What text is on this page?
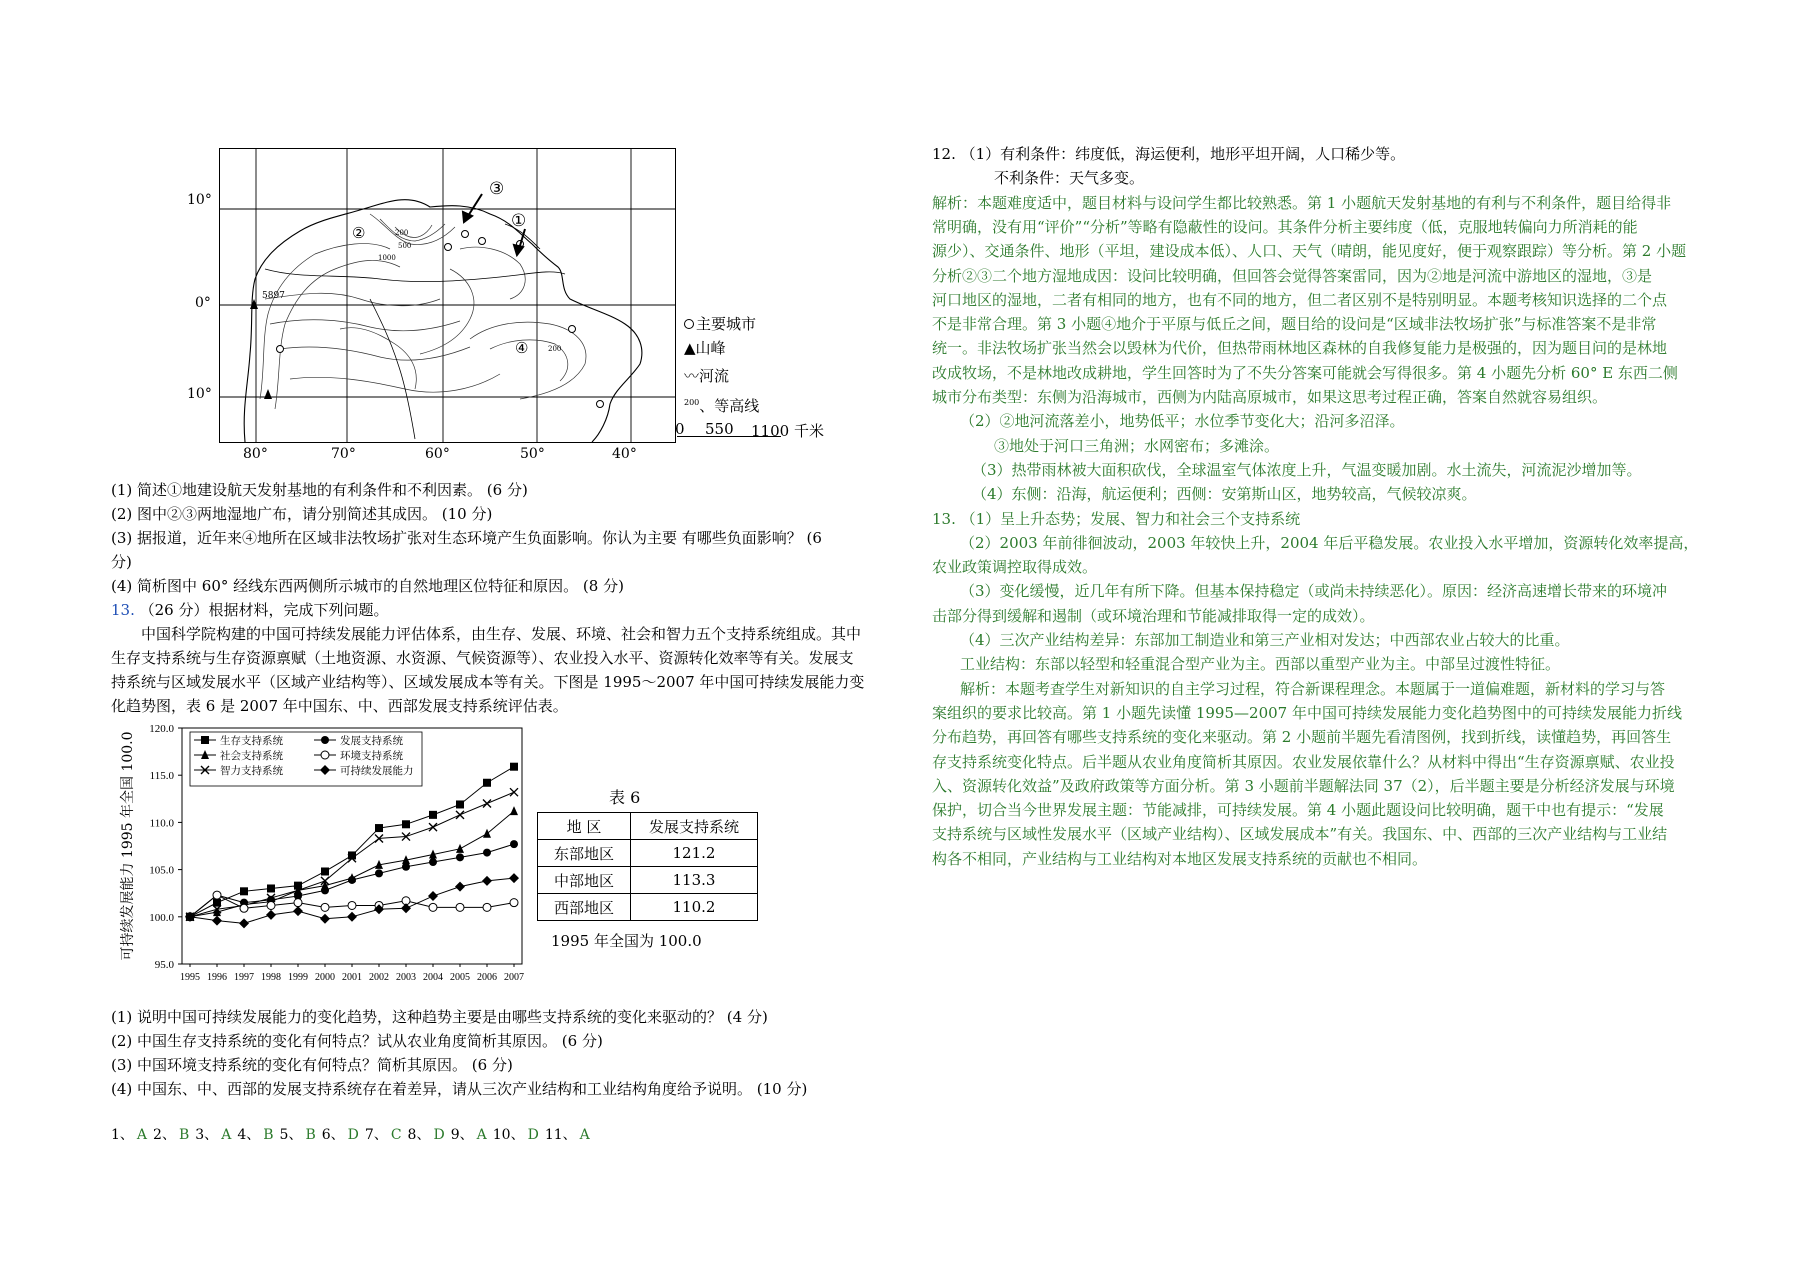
③
①
②
④
5897
200
500
1000
200
10°
0°
10°
80°	70°	60°	50°	40°
主要城市
▲山峰
〰河流
$^{200}$、等高线
0 550 1100 千米
(1) 简述①地建设航天发射基地的有利条件和不利因素。 (6 分)
(2) 图中②③两地湿地广布，请分别简述其成因。 (10 分)
(3) 据报道，近年来④地所在区域非法牧场扩张对生态环境产生负面影响。你认为主要 有哪些负面影响？ (6
分)
(4) 简析图中 60° 经线东西两侧所示城市的自然地理区位特征和原因。 (8 分)
13. （26 分）根据材料，完成下列问题。
中国科学院构建的中国可持续发展能力评估体系，由生存、发展、环境、社会和智力五个支持系统组成。其中
生存支持系统与生存资源禀赋（土地资源、水资源、气候资源等）、农业投入水平、资源转化效率等有关。发展支
持系统与区域发展水平（区域产业结构等）、区域发展成本等有关。下图是 1995～2007 年中国可持续发展能力变
化趋势图，表 6 是 2007 年中国东、中、西部发展支持系统评估表。
95.0
100.0
105.0
110.0
115.0
120.0
1995 1996 1997 1998 1999 2000 2001 2002 2003 2004 2005 2006 2007
可持续发展能力 1995 年全国 100.0	生存支持系统
社会支持系统
智力支持系统
发展支持系统
环境支持系统
可持续发展能力
表 6
地 区	发展支持系统
东部地区	121.2
中部地区	113.3
西部地区	110.2
1995 年全国为 100.0
(1) 说明中国可持续发展能力的变化趋势，这种趋势主要是由哪些支持系统的变化来驱动的？ (4 分)
(2) 中国生存支持系统的变化有何特点？试从农业角度简析其原因。 (6 分)
(3) 中国环境支持系统的变化有何特点？简析其原因。 (6 分)
(4) 中国东、中、西部的发展支持系统存在着差异，请从三次产业结构和工业结构角度给予说明。 (10 分)
1、 A 2、 B 3、 A 4、 B 5、 B 6、 D 7、 C 8、 D 9、 A 10、 D 11、 A
12. （1）有利条件：纬度低，海运便利，地形平坦开阔，人口稀少等。
不利条件：天气多变。
解析：本题难度适中，题目材料与设问学生都比较熟悉。第 1 小题航天发射基地的有利与不利条件，题目给得非
常明确，没有用“评价”“分析”等略有隐蔽性的设问。其条件分析主要纬度（低，克服地转偏向力所消耗的能
源少）、交通条件、地形（平坦，建设成本低）、人口、天气（晴朗，能见度好，便于观察跟踪）等分析。第 2 小题
分析②③二个地方湿地成因：设问比较明确，但回答会觉得答案雷同，因为②地是河流中游地区的湿地，③是
河口地区的湿地，二者有相同的地方，也有不同的地方，但二者区别不是特别明显。本题考核知识选择的二个点
不是非常合理。第 3 小题④地介于平原与低丘之间，题目给的设问是“区域非法牧场扩张”与标准答案不是非常
统一。非法牧场扩张当然会以毁林为代价，但热带雨林地区森林的自我修复能力是极强的，因为题目问的是林地
改成牧场，不是林地改成耕地，学生回答时为了不失分答案可能就会写得很多。第 4 小题先分析 60° E 东西二侧
城市分布类型：东侧为沿海城市，西侧为内陆高原城市，如果这思考过程正确，答案自然就容易组织。
（2）②地河流落差小，地势低平；水位季节变化大；沿河多沼泽。
③地处于河口三角洲；水网密布；多滩涂。
（3）热带雨林被大面积砍伐，全球温室气体浓度上升，气温变暖加剧。水土流失，河流泥沙增加等。
（4）东侧：沿海，航运便利；西侧：安第斯山区，地势较高，气候较凉爽。
13. （1）呈上升态势；发展、智力和社会三个支持系统
（2）2003 年前徘徊波动，2003 年较快上升，2004 年后平稳发展。农业投入水平增加，资源转化效率提高，
农业政策调控取得成效。
（3）变化缓慢，近几年有所下降。但基本保持稳定（或尚未持续恶化）。原因：经济高速增长带来的环境冲
击部分得到缓解和遏制（或环境治理和节能减排取得一定的成效）。
（4）三次产业结构差异：东部加工制造业和第三产业相对发达；中西部农业占较大的比重。
工业结构：东部以轻型和轻重混合型产业为主。西部以重型产业为主。中部呈过渡性特征。
解析：本题考查学生对新知识的自主学习过程，符合新课程理念。本题属于一道偏难题，新材料的学习与答
案组织的要求比较高。第 1 小题先读懂 1995—2007 年中国可持续发展能力变化趋势图中的可持续发展能力折线
分布趋势，再回答有哪些支持系统的变化来驱动。第 2 小题前半题先看清图例，找到折线，读懂趋势，再回答生
存支持系统变化特点。后半题从农业角度简析其原因。农业发展依靠什么？从材料中得出“生存资源禀赋、农业投
入、资源转化效益”及政府政策等方面分析。第 3 小题前半题解法同 37（2），后半题主要是分析经济发展与环境
保护，切合当今世界发展主题：节能减排，可持续发展。第 4 小题此题设问比较明确，题干中也有提示：“发展
支持系统与区域性发展水平（区域产业结构）、区域发展成本”有关。我国东、中、西部的三次产业结构与工业结
构各不相同，产业结构与工业结构对本地区发展支持系统的贡献也不相同。
